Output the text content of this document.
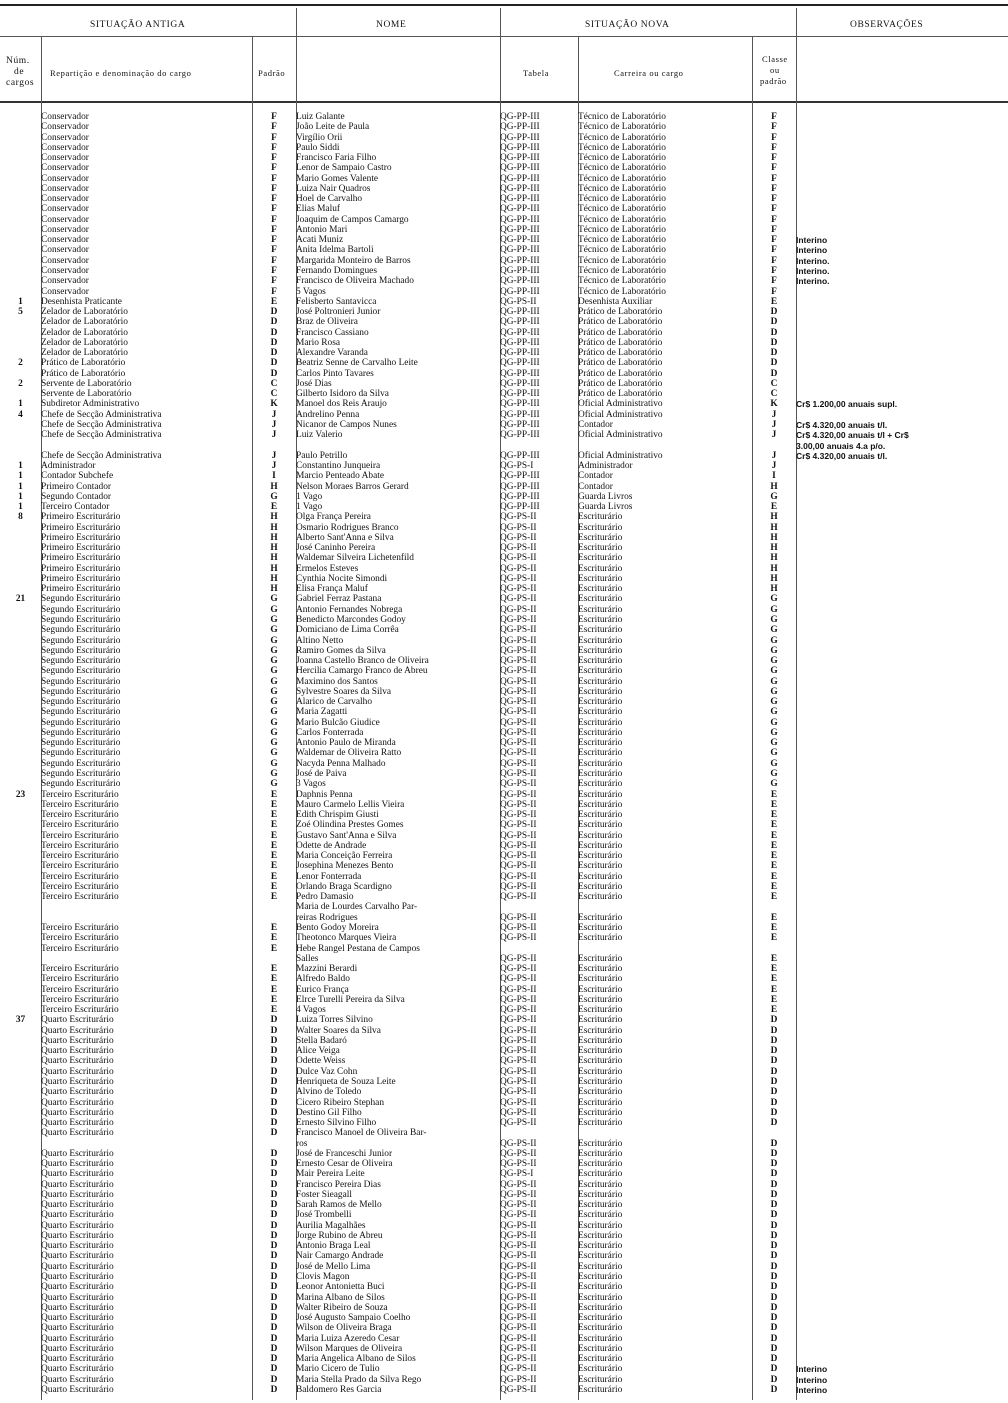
SITUAÇÃO ANTIGA	NOME	SITUAÇÃO NOVA	OBSERVAÇÕES
Núm.
de
cargos
Repartição e denominação do cargo	Padrão	Tabela	Carreira ou cargo
Classe
ou
padrão
	Conservador	F	Luiz Galante	QG-PP-III	Técnico de Laboratório	F	
	Conservador	F	João Leite de Paula	QG-PP-III	Técnico de Laboratório	F	
	Conservador	F	Virgílio Orii	QG-PP-III	Técnico de Laboratório	F	
	Conservador	F	Paulo Siddi	QG-PP-III	Técnico de Laboratório	F	
	Conservador	F	Francisco Faria Filho	QG-PP-III	Técnico de Laboratório	F	
	Conservador	F	Lenor de Sampaio Castro	QG-PP-III	Técnico de Laboratório	F	
	Conservador	F	Mario Gomes Valente	QG-PP-III	Técnico de Laboratório	F	
	Conservador	F	Luiza Nair Quadros	QG-PP-III	Técnico de Laboratório	F	
	Conservador	F	Hoel de Carvalho	QG-PP-III	Técnico de Laboratório	F	
	Conservador	F	Elias Maluf	QG-PP-III	Técnico de Laboratório	F	
	Conservador	F	Joaquim de Campos Camargo	QG-PP-III	Técnico de Laboratório	F	
	Conservador	F	Antonio Mari	QG-PP-III	Técnico de Laboratório	F	
	Conservador	F	Acati Muniz	QG-PP-III	Técnico de Laboratório	F	Interino
	Conservador	F	Anita Idelma Bartoli	QG-PP-III	Técnico de Laboratório	F	Interino
	Conservador	F	Margarida Monteiro de Barros	QG-PP-III	Técnico de Laboratório	F	Interino.
	Conservador	F	Fernando Domingues	QG-PP-III	Técnico de Laboratório	F	Interino.
	Conservador	F	Francisco de Oliveira Machado	QG-PP-III	Técnico de Laboratório	F	Interino.
	Conservador	F	5 Vagos	QG-PP-III	Técnico de Laboratório	F	
1	Desenhista Praticante	E	Felisberto Santavicca	QG-PS-II	Desenhista Auxiliar	E	
5	Zelador de Laboratório	D	José Poltronieri Junior	QG-PP-III	Prático de Laboratório	D	
	Zelador de Laboratório	D	Braz de Oliveira	QG-PP-III	Prático de Laboratório	D	
	Zelador de Laboratório	D	Francisco Cassiano	QG-PP-III	Prático de Laboratório	D	
	Zelador de Laboratório	D	Mario Rosa	QG-PP-III	Prático de Laboratório	D	
	Zelador de Laboratório	D	Alexandre Varanda	QG-PP-III	Prático de Laboratório	D	
2	Prático de Laboratório	D	Beatriz Senne de Carvalho Leite	QG-PP-III	Prático de Laboratório	D	
	Prático de Laboratório	D	Carlos Pinto Tavares	QG-PP-III	Prático de Laboratório	D	
2	Servente de Laboratório	C	José Dias	QG-PP-III	Prático de Laboratório	C	
	Servente de Laboratório	C	Gilberto Isidoro da Silva	QG-PP-III	Prático de Laboratório	C	
1	Subdiretor Administrativo	K	Manoel dos Reis Araujo	QG-PP-III	Oficial Administrativo	K	Cr$ 1.200,00 anuais supl.
4	Chefe de Secção Administrativa	J	Andrelino Penna	QG-PP-III	Oficial Administrativo	J	
	Chefe de Secção Administrativa	J	Nicanor de Campos Nunes	QG-PP-III	Contador	J	Cr$ 4.320,00 anuais t/l.
	Chefe de Secção Administrativa	J	Luiz Valerio	QG-PP-III	Oficial Administrativo	J	Cr$ 4.320,00 anuais t/l + Cr$
							3.00,00 anuais 4.a p/o.
	Chefe de Secção Administrativa	J	Paulo Petrillo	QG-PP-III	Oficial Administrativo	J	Cr$ 4.320,00 anuais t/l.
1	Administrador	J	Constantino Junqueira	QG-PS-I	Administrador	J	
1	Contador Subchefe	I	Marcio Penteado Abate	QG-PP-III	Contador	I	
1	Primeiro Contador	H	Nelson Moraes Barros Gerard	QG-PP-III	Contador	H	
1	Segundo Contador	G	1 Vago	QG-PP-III	Guarda Livros	G	
1	Terceiro Contador	E	1 Vago	QG-PP-III	Guarda Livros	E	
8	Primeiro Escriturário	H	Olga França Pereira	QG-PS-II	Escriturário	H	
	Primeiro Escriturário	H	Osmario Rodrigues Branco	QG-PS-II	Escriturário	H	
	Primeiro Escriturário	H	Alberto Sant'Anna e Silva	QG-PS-II	Escriturário	H	
	Primeiro Escriturário	H	José Caninho Pereira	QG-PS-II	Escriturário	H	
	Primeiro Escriturário	H	Waldemar Silveira Lichetenfild	QG-PS-II	Escriturário	H	
	Primeiro Escriturário	H	Ermelos Esteves	QG-PS-II	Escriturário	H	
	Primeiro Escriturário	H	Cynthia Nocite Simondi	QG-PS-II	Escriturário	H	
	Primeiro Escriturário	H	Elisa França Maluf	QG-PS-II	Escriturário	H	
21	Segundo Escriturário	G	Gabriel Ferraz Pastana	QG-PS-II	Escriturário	G	
	Segundo Escriturário	G	Antonio Fernandes Nobrega	QG-PS-II	Escriturário	G	
	Segundo Escriturário	G	Benedicto Marcondes Godoy	QG-PS-II	Escriturário	G	
	Segundo Escriturário	G	Domiciano de Lima Corrêa	QG-PS-II	Escriturário	G	
	Segundo Escriturário	G	Altino Netto	QG-PS-II	Escriturário	G	
	Segundo Escriturário	G	Ramiro Gomes da Silva	QG-PS-II	Escriturário	G	
	Segundo Escriturário	G	Joanna Castello Branco de Oliveira	QG-PS-II	Escriturário	G	
	Segundo Escriturário	G	Hercilia Camargo Franco de Abreu	QG-PS-II	Escriturário	G	
	Segundo Escriturário	G	Maximino dos Santos	QG-PS-II	Escriturário	G	
	Segundo Escriturário	G	Sylvestre Soares da Silva	QG-PS-II	Escriturário	G	
	Segundo Escriturário	G	Alarico de Carvalho	QG-PS-II	Escriturário	G	
	Segundo Escriturário	G	Maria Zagatti	QG-PS-II	Escriturário	G	
	Segundo Escriturário	G	Mario Bulcão Giudice	QG-PS-II	Escriturário	G	
	Segundo Escriturário	G	Carlos Fonterrada	QG-PS-II	Escriturário	G	
	Segundo Escriturário	G	Antonio Paulo de Miranda	QG-PS-II	Escriturário	G	
	Segundo Escriturário	G	Waldemar de Oliveira Ratto	QG-PS-II	Escriturário	G	
	Segundo Escriturário	G	Nacyda Penna Malhado	QG-PS-II	Escriturário	G	
	Segundo Escriturário	G	José de Paiva	QG-PS-II	Escriturário	G	
	Segundo Escriturário	G	3 Vagos	QG-PS-II	Escriturário	G	
23	Terceiro Escriturário	E	Daphnis Penna	QG-PS-II	Escriturário	E	
	Terceiro Escriturário	E	Mauro Carmelo Lellis Vieira	QG-PS-II	Escriturário	E	
	Terceiro Escriturário	E	Edith Chrispim Giusti	QG-PS-II	Escriturário	E	
	Terceiro Escriturário	E	Zoé Olindina Prestes Gomes	QG-PS-II	Escriturário	E	
	Terceiro Escriturário	E	Gustavo Sant'Anna e Silva	QG-PS-II	Escriturário	E	
	Terceiro Escriturário	E	Odette de Andrade	QG-PS-II	Escriturário	E	
	Terceiro Escriturário	E	Maria Conceição Ferreira	QG-PS-II	Escriturário	E	
	Terceiro Escriturário	E	Josephina Menezes Bento	QG-PS-II	Escriturário	E	
	Terceiro Escriturário	E	Lenor Fonterrada	QG-PS-II	Escriturário	E	
	Terceiro Escriturário	E	Orlando Braga Scardigno	QG-PS-II	Escriturário	E	
	Terceiro Escriturário	E	Pedro Damasio	QG-PS-II	Escriturário	E	
			Maria de Lourdes Carvalho Par-				
			reiras Rodrigues	QG-PS-II	Escriturário	E	
	Terceiro Escriturário	E	Bento Godoy Moreira	QG-PS-II	Escriturário	E	
	Terceiro Escriturário	E	Theotonco Marques Vieira	QG-PS-II	Escriturário	E	
	Terceiro Escriturário	E	Hebe Rangel Pestana de Campos				
			Salles	QG-PS-II	Escriturário	E	
	Terceiro Escriturário	E	Mazzini Berardi	QG-PS-II	Escriturário	E	
	Terceiro Escriturário	E	Alfredo Baldo	QG-PS-II	Escriturário	E	
	Terceiro Escriturário	E	Eurico França	QG-PS-II	Escriturário	E	
	Terceiro Escriturário	E	Elrce Turelli Pereira da Silva	QG-PS-II	Escriturário	E	
	Terceiro Escriturário	E	4 Vagos	QG-PS-II	Escriturário	E	
37	Quarto Escriturário	D	Luiza Torres Silvino	QG-PS-II	Escriturário	D	
	Quarto Escriturário	D	Walter Soares da Silva	QG-PS-II	Escriturário	D	
	Quarto Escriturário	D	Stella Badaró	QG-PS-II	Escriturário	D	
	Quarto Escriturário	D	Alice Veiga	QG-PS-II	Escriturário	D	
	Quarto Escriturário	D	Odette Weiss	QG-PS-II	Escriturário	D	
	Quarto Escriturário	D	Dulce Vaz Cohn	QG-PS-II	Escriturário	D	
	Quarto Escriturário	D	Henriqueta de Souza Leite	QG-PS-II	Escriturário	D	
	Quarto Escriturário	D	Alvino de Toledo	QG-PS-II	Escriturário	D	
	Quarto Escriturário	D	Cicero Ribeiro Stephan	QG-PS-II	Escriturário	D	
	Quarto Escriturário	D	Destino Gil Filho	QG-PS-II	Escriturário	D	
	Quarto Escriturário	D	Ernesto Silvino Filho	QG-PS-II	Escriturário	D	
	Quarto Escriturário	D	Francisco Manoel de Oliveira Bar-				
			ros	QG-PS-II	Escriturário	D	
	Quarto Escriturário	D	José de Franceschi Junior	QG-PS-II	Escriturário	D	
	Quarto Escriturário	D	Ernesto Cesar de Oliveira	QG-PS-II	Escriturário	D	
	Quarto Escriturário	D	Mair Pereira Leite	QG-PS-I	Escriturário	D	
	Quarto Escriturário	D	Francisco Pereira Dias	QG-PS-II	Escriturário	D	
	Quarto Escriturário	D	Foster Sieagall	QG-PS-II	Escriturário	D	
	Quarto Escriturário	D	Sarah Ramos de Mello	QG-PS-II	Escriturário	D	
	Quarto Escriturário	D	José Trombelli	QG-PS-II	Escriturário	D	
	Quarto Escriturário	D	Aurilia Magalhães	QG-PS-II	Escriturário	D	
	Quarto Escriturário	D	Jorge Rubino de Abreu	QG-PS-II	Escriturário	D	
	Quarto Escriturário	D	Antonio Braga Leal	QG-PS-II	Escriturário	D	
	Quarto Escriturário	D	Nair Camargo Andrade	QG-PS-II	Escriturário	D	
	Quarto Escriturário	D	José de Mello Lima	QG-PS-II	Escriturário	D	
	Quarto Escriturário	D	Clovis Magon	QG-PS-II	Escriturário	D	
	Quarto Escriturário	D	Leonor Antonietta Buci	QG-PS-II	Escriturário	D	
	Quarto Escriturário	D	Marina Albano de Silos	QG-PS-II	Escriturário	D	
	Quarto Escriturário	D	Walter Ribeiro de Souza	QG-PS-II	Escriturário	D	
	Quarto Escriturário	D	José Augusto Sampaio Coelho	QG-PS-II	Escriturário	D	
	Quarto Escriturário	D	Wilson de Oliveira Braga	QG-PS-II	Escriturário	D	
	Quarto Escriturário	D	Maria Luiza Azeredo Cesar	QG-PS-II	Escriturário	D	
	Quarto Escriturário	D	Wilson Marques de Oliveira	QG-PS-II	Escriturário	D	
	Quarto Escriturário	D	Maria Angelica Albano de Silos	QG-PS-II	Escriturário	D	
	Quarto Escriturário	D	Mario Cicero de Tulio	QG-PS-II	Escriturário	D	Interino
	Quarto Escriturário	D	Maria Stella Prado da Silva Rego	QG-PS-II	Escriturário	D	Interino
	Quarto Escriturário	D	Baldomero Res Garcia	QG-PS-II	Escriturário	D	Interino
